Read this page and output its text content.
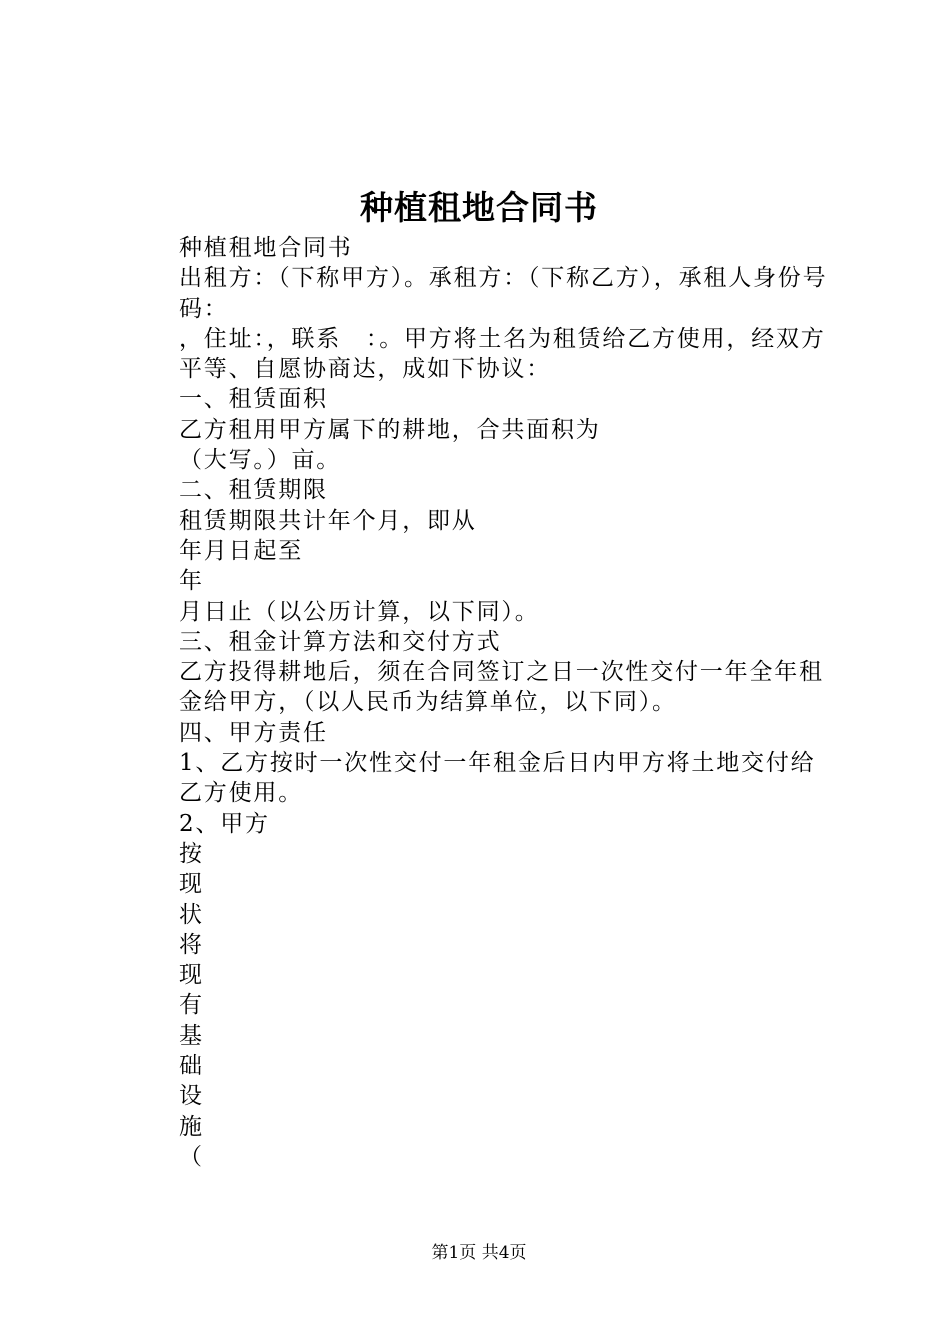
种植租地合同书

种植租地合同书

出租方：（下称甲方）。承租方：（下称乙方），承租人身份号码：

，住址：，联系　：。甲方将土名为租赁给乙方使用，经双方平等、自愿协商达，成如下协议：

一、租赁面积

乙方租用甲方属下的耕地，合共面积为

（大写。）亩。

二、租赁期限

租赁期限共计年个月，即从

年月日起至

年

月日止（以公历计算，以下同）。

三、租金计算方法和交付方式

乙方投得耕地后，须在合同签订之日一次性交付一年全年租金给甲方，（以人民币为结算单位，以下同）。

四、甲方责任

1、乙方按时一次性交付一年租金后日内甲方将土地交付给乙方使用。

2、甲方

按现状将现有基础设施（

第1页 共4页
